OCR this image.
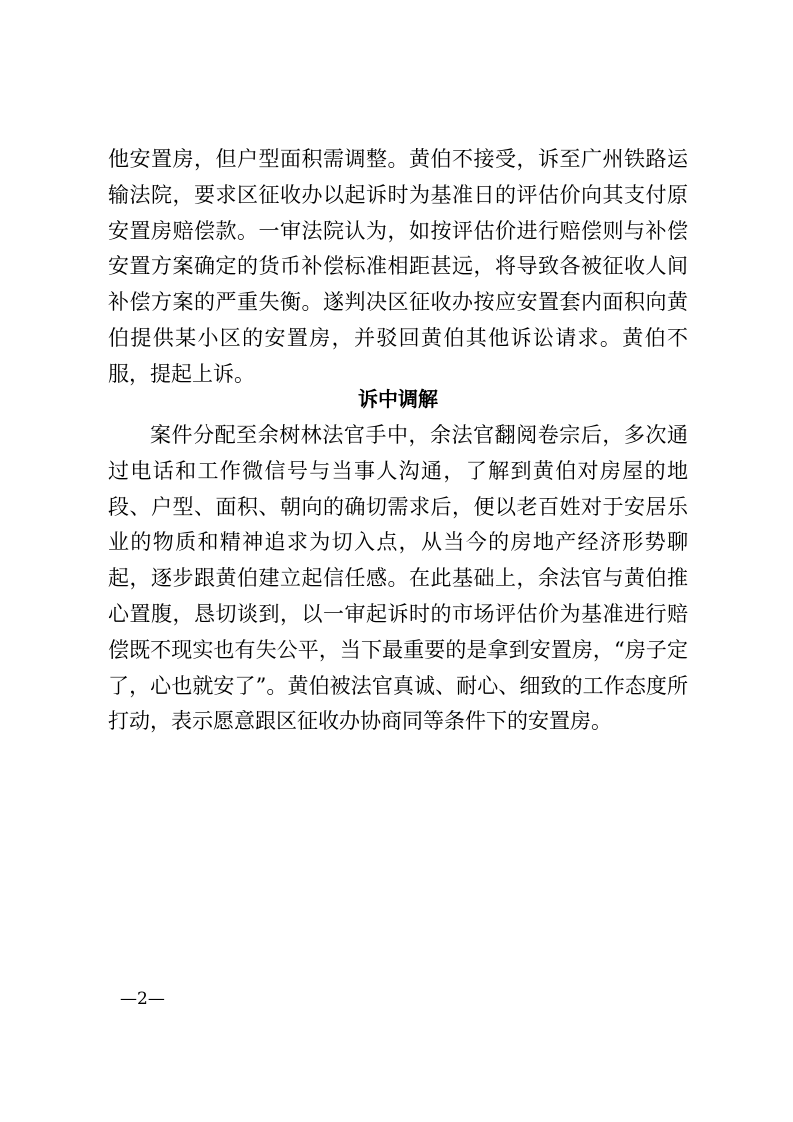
他安置房，但户型面积需调整。黄伯不接受，诉至广州铁路运输法院，要求区征收办以起诉时为基准日的评估价向其支付原安置房赔偿款。一审法院认为，如按评估价进行赔偿则与补偿安置方案确定的货币补偿标准相距甚远，将导致各被征收人间补偿方案的严重失衡。遂判决区征收办按应安置套内面积向黄伯提供某小区的安置房，并驳回黄伯其他诉讼请求。黄伯不服，提起上诉。

诉中调解

案件分配至余树林法官手中，余法官翻阅卷宗后，多次通过电话和工作微信号与当事人沟通，了解到黄伯对房屋的地段、户型、面积、朝向的确切需求后，便以老百姓对于安居乐业的物质和精神追求为切入点，从当今的房地产经济形势聊起，逐步跟黄伯建立起信任感。在此基础上，余法官与黄伯推心置腹，恳切谈到，以一审起诉时的市场评估价为基准进行赔偿既不现实也有失公平，当下最重要的是拿到安置房，“房子定了，心也就安了”。黄伯被法官真诚、耐心、细致的工作态度所打动，表示愿意跟区征收办协商同等条件下的安置房。

—2—
